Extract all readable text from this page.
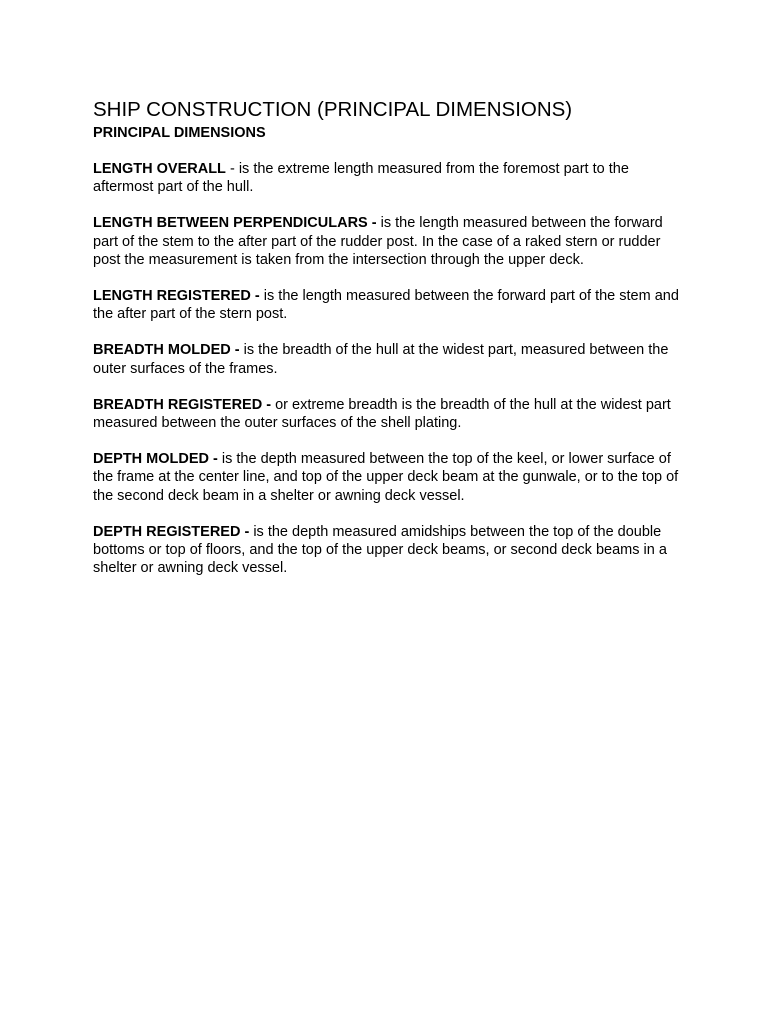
SHIP CONSTRUCTION (PRINCIPAL DIMENSIONS)
PRINCIPAL DIMENSIONS

LENGTH OVERALL - is the extreme length measured from the foremost part to the aftermost part of the hull.

LENGTH BETWEEN PERPENDICULARS - is the length measured between the forward part of the stem to the after part of the rudder post. In the case of a raked stern or rudder post the measurement is taken from the intersection through the upper deck.

LENGTH REGISTERED - is the length measured between the forward part of the stem and the after part of the stern post.

BREADTH MOLDED - is the breadth of the hull at the widest part, measured between the outer surfaces of the frames.

BREADTH REGISTERED - or extreme breadth is the breadth of the hull at the widest part measured between the outer surfaces of the shell plating.

DEPTH MOLDED - is the depth measured between the top of the keel, or lower surface of the frame at the center line, and top of the upper deck beam at the gunwale, or to the top of the second deck beam in a shelter or awning deck vessel.

DEPTH REGISTERED - is the depth measured amidships between the top of the double bottoms or top of floors, and the top of the upper deck beams, or second deck beams in a shelter or awning deck vessel.
